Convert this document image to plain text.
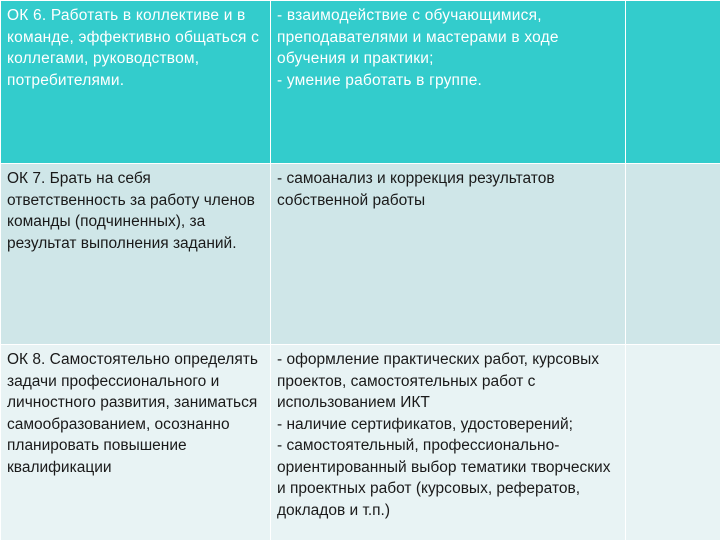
ОК 6. Работать в коллективе и в команде, эффективно общаться с коллегами, руководством, потребителями.	- взаимодействие с обучающимися, преподавателями и мастерами в ходе обучения и практики;
- умение работать в группе.	
ОК 7. Брать на себя ответственность за работу членов команды (подчиненных), за результат выполнения заданий.	- самоанализ и коррекция результатов собственной работы	
ОК 8. Самостоятельно определять задачи профессионального и личностного развития, заниматься самообразованием, осознанно планировать повышение квалификации	- оформление практических работ, курсовых проектов, самостоятельных работ с использованием ИКТ
- наличие сертификатов, удостоверений;
- самостоятельный, профессионально-ориентированный выбор тематики творческих и проектных работ (курсовых, рефератов, докладов и т.п.)	
